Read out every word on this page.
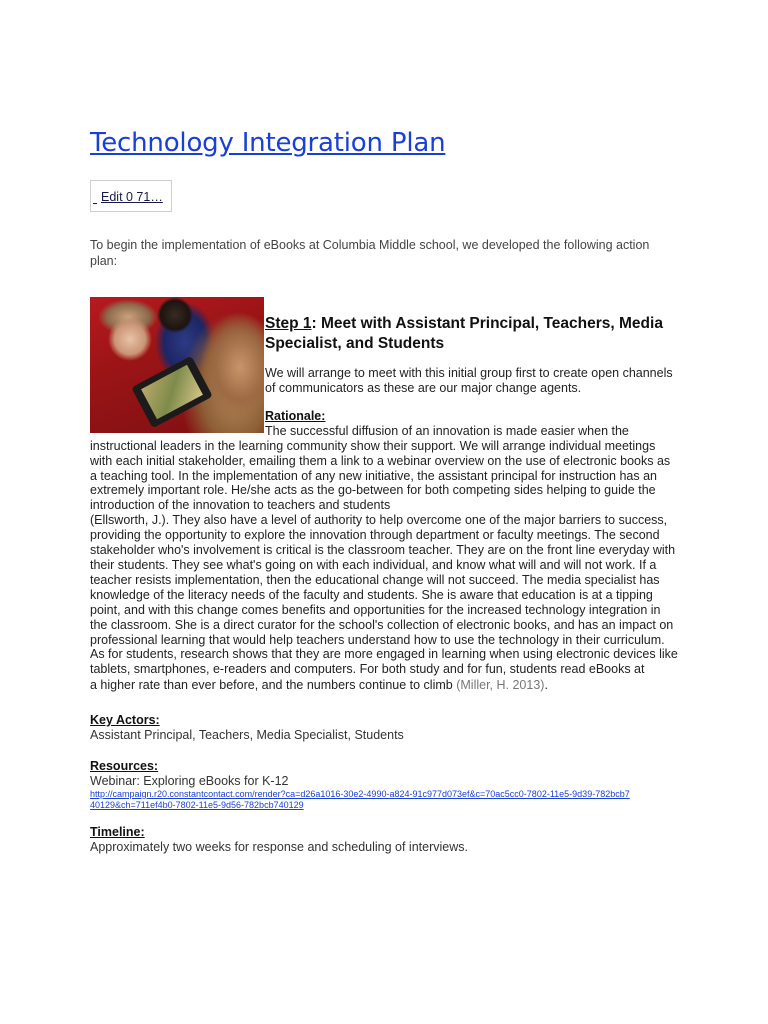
Technology Integration Plan
Edit 0 71…

To begin the implementation of eBooks at Columbia Middle school, we developed the following action plan:

Step 1: Meet with Assistant Principal, Teachers, Media Specialist, and Students

We will arrange to meet with this initial group first to create open channels of communicators as these are our major change agents.

Rationale:

The successful diffusion of an innovation is made easier when the instructional leaders in the learning community show their support. We will arrange individual meetings with each initial stakeholder, emailing them a link to a webinar overview on the use of electronic books as a teaching tool. In the implementation of any new initiative, the assistant principal for instruction has an extremely important role. He/she acts as the go-between for both competing sides helping to guide the introduction of the innovation to teachers and students

(Ellsworth, J.). They also have a level of authority to help overcome one of the major barriers to success, providing the opportunity to explore the innovation through department or faculty meetings. The second stakeholder who's involvement is critical is the classroom teacher. They are on the front line everyday with their students. They see what's going on with each individual, and know what will and will not work. If a teacher resists implementation, then the educational change will not succeed. The media specialist has knowledge of the literacy needs of the faculty and students. She is aware that education is at a tipping point, and with this change comes benefits and opportunities for the increased technology integration in the classroom. She is a direct curator for the school's collection of electronic books, and has an impact on professional learning that would help teachers understand how to use the technology in their curriculum. As for students, research shows that they are more engaged in learning when using electronic devices like tablets, smartphones, e-readers and computers. For both study and for fun, students read eBooks at

a higher rate than ever before, and the numbers continue to climb (Miller, H. 2013).

Key Actors:

Assistant Principal, Teachers, Media Specialist, Students

Resources:

Webinar: Exploring eBooks for K-12

http://campaign.r20.constantcontact.com/render?ca=d26a1016-30e2-4990-a824-91c977d073ef&c=70ac5cc0-7802-11e5-9d39-782bcb740129&ch=711ef4b0-7802-11e5-9d56-782bcb740129

Timeline:

Approximately two weeks for response and scheduling of interviews.
